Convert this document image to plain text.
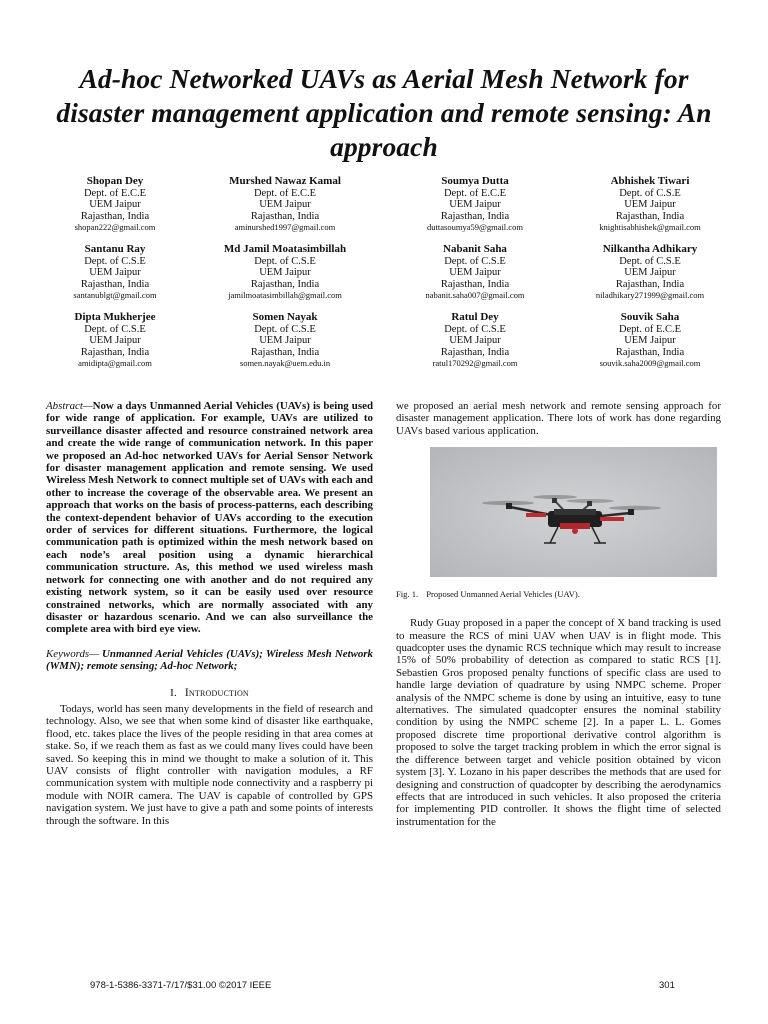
Ad-hoc Networked UAVs as Aerial Mesh Network for disaster management application and remote sensing: An approach
Shopan Dey
Dept. of E.C.E
UEM Jaipur
Rajasthan, India
shopan222@gmail.com
Murshed Nawaz Kamal
Dept. of E.C.E
UEM Jaipur
Rajasthan, India
aminurshed1997@gmail.com
Soumya Dutta
Dept. of E.C.E
UEM Jaipur
Rajasthan, India
duttasoumya59@gmail.com
Abhishek Tiwari
Dept. of C.S.E
UEM Jaipur
Rajasthan, India
knightisabhishek@gmail.com
Santanu Ray
Dept. of C.S.E
UEM Jaipur
Rajasthan, India
santanublgt@gmail.com
Md Jamil Moatasimbillah
Dept. of C.S.E
UEM Jaipur
Rajasthan, India
jamilmoatasimbillah@gmail.com
Nabanit Saha
Dept. of C.S.E
UEM Jaipur
Rajasthan, India
nabanit.saha007@gmail.com
Nilkantha Adhikary
Dept. of C.S.E
UEM Jaipur
Rajasthan, India
niladhikary271999@gmail.com
Dipta Mukherjee
Dept. of C.S.E
UEM Jaipur
Rajasthan, India
amidipta@gmail.com
Somen Nayak
Dept. of C.S.E
UEM Jaipur
Rajasthan, India
somen.nayak@uem.edu.in
Ratul Dey
Dept. of C.S.E
UEM Jaipur
Rajasthan, India
ratul170292@gmail.com
Souvik Saha
Dept. of E.C.E
UEM Jaipur
Rajasthan, India
souvik.saha2009@gmail.com

Abstract—Now a days Unmanned Aerial Vehicles (UAVs) is being used for wide range of application. For example, UAVs are utilized to surveillance disaster affected and resource constrained network area and create the wide range of communication network. In this paper we proposed an Ad-hoc networked UAVs for Aerial Sensor Network for disaster management application and remote sensing. We used Wireless Mesh Network to connect multiple set of UAVs with each and other to increase the coverage of the observable area. We present an approach that works on the basis of process-patterns, each describing the context-dependent behavior of UAVs according to the execution order of services for different situations. Furthermore, the logical communication path is optimized within the mesh network based on each node’s areal position using a dynamic hierarchical communication structure. As, this method we used wireless mash network for connecting one with another and do not required any existing network system, so it can be easily used over resource constrained networks, which are normally associated with any disaster or hazardous scenario. And we can also surveillance the complete area with bird eye view.

Keywords— Unmanned Aerial Vehicles (UAVs); Wireless Mesh Network (WMN); remote sensing; Ad-hoc Network;

I. Introduction

Todays, world has seen many developments in the field of research and technology. Also, we see that when some kind of disaster like earthquake, flood, etc. takes place the lives of the people residing in that area comes at stake. So, if we reach them as fast as we could many lives could have been saved. So keeping this in mind we thought to make a solution of it. This UAV consists of flight controller with navigation modules, a RF communication system with multiple node connectivity and a raspberry pi module with NOIR camera. The UAV is capable of controlled by GPS navigation system. We just have to give a path and some points of interests through the software. In this

we proposed an aerial mesh network and remote sensing approach for disaster management application. There lots of work has done regarding UAVs based various application.

Fig. 1. Proposed Unmanned Aerial Vehicles (UAV).

Rudy Guay proposed in a paper the concept of X band tracking is used to measure the RCS of mini UAV when UAV is in flight mode. This quadcopter uses the dynamic RCS technique which may result to increase 15% of 50% probability of detection as compared to static RCS [1]. Sebastien Gros proposed penalty functions of specific class are used to handle large deviation of quadrature by using NMPC scheme. Proper analysis of the NMPC scheme is done by using an intuitive, easy to tune alternatives. The simulated quadcopter ensures the nominal stability condition by using the NMPC scheme [2]. In a paper L. L. Gomes proposed discrete time proportional derivative control algorithm is proposed to solve the target tracking problem in which the error signal is the difference between target and vehicle position obtained by vicon system [3]. Y. Lozano in his paper describes the methods that are used for designing and construction of quadcopter by describing the aerodynamics effects that are introduced in such vehicles. It also proposed the criteria for implementing PID controller. It shows the flight time of selected instrumentation for the

978-1-5386-3371-7/17/$31.00 ©2017 IEEE	301
